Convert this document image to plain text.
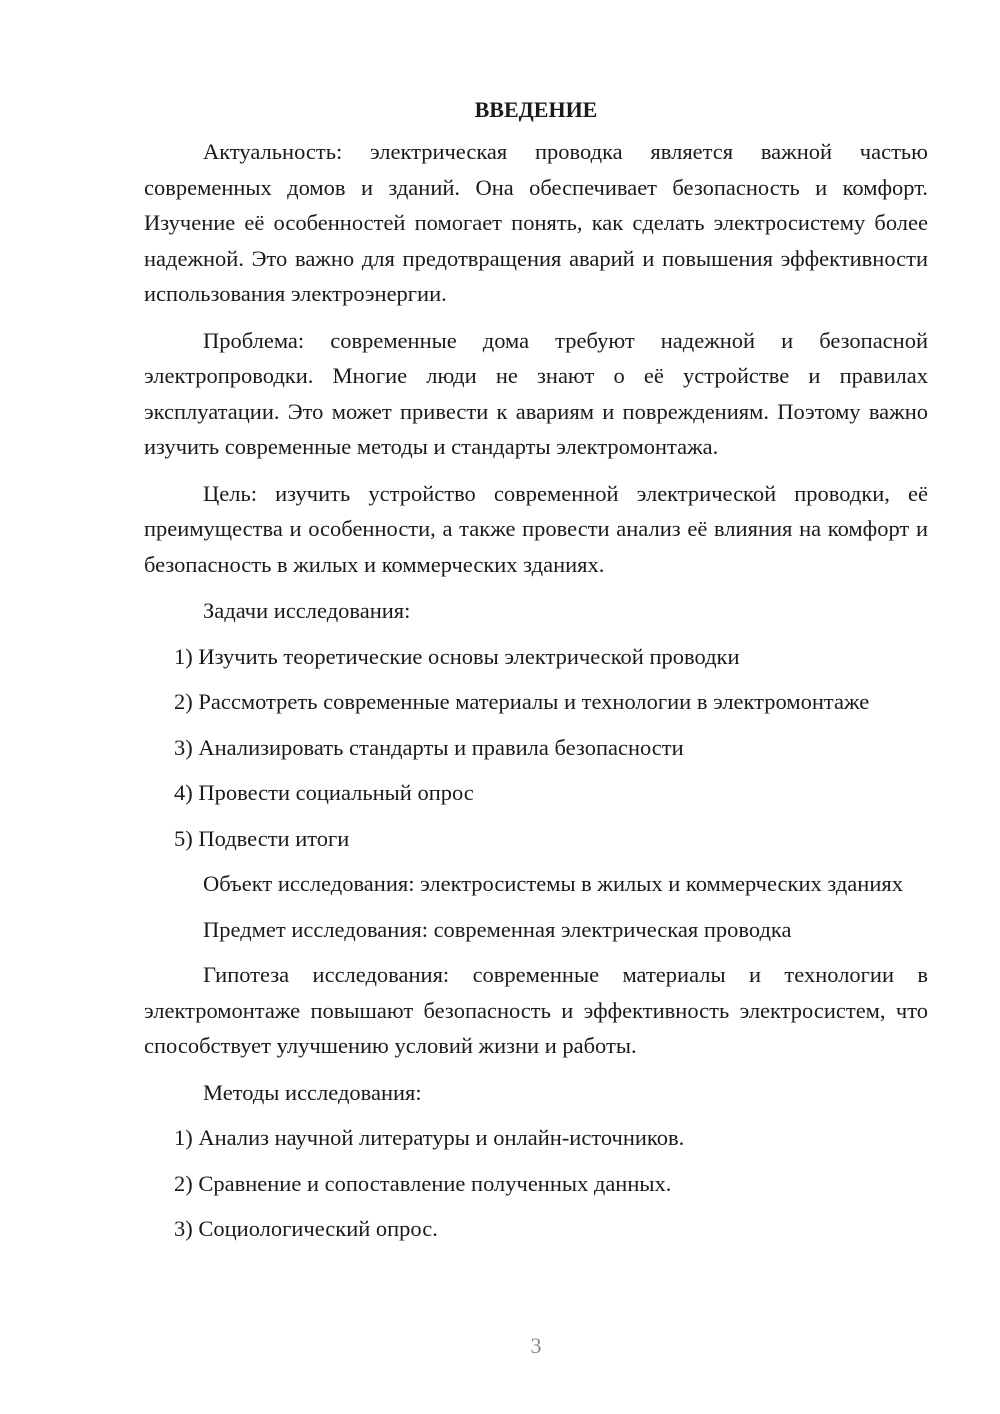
ВВЕДЕНИЕ

Актуальность: электрическая проводка является важной частью современных домов и зданий. Она обеспечивает безопасность и комфорт. Изучение её особенностей помогает понять, как сделать электросистему более надежной. Это важно для предотвращения аварий и повышения эффективности использования электроэнергии.

Проблема: современные дома требуют надежной и безопасной электропроводки. Многие люди не знают о её устройстве и правилах эксплуатации. Это может привести к авариям и повреждениям. Поэтому важно изучить современные методы и стандарты электромонтажа.

Цель: изучить устройство современной электрической проводки, её преимущества и особенности, а также провести анализ её влияния на комфорт и безопасность в жилых и коммерческих зданиях.

Задачи исследования:

1) Изучить теоретические основы электрической проводки

2) Рассмотреть современные материалы и технологии в электромонтаже

3) Анализировать стандарты и правила безопасности

4) Провести социальный опрос

5) Подвести итоги

Объект исследования: электросистемы в жилых и коммерческих зданиях

Предмет исследования: современная электрическая проводка

Гипотеза исследования: современные материалы и технологии в электромонтаже повышают безопасность и эффективность электросистем, что способствует улучшению условий жизни и работы.

Методы исследования:

1) Анализ научной литературы и онлайн-источников.

2) Сравнение и сопоставление полученных данных.

3) Социологический опрос.

3
